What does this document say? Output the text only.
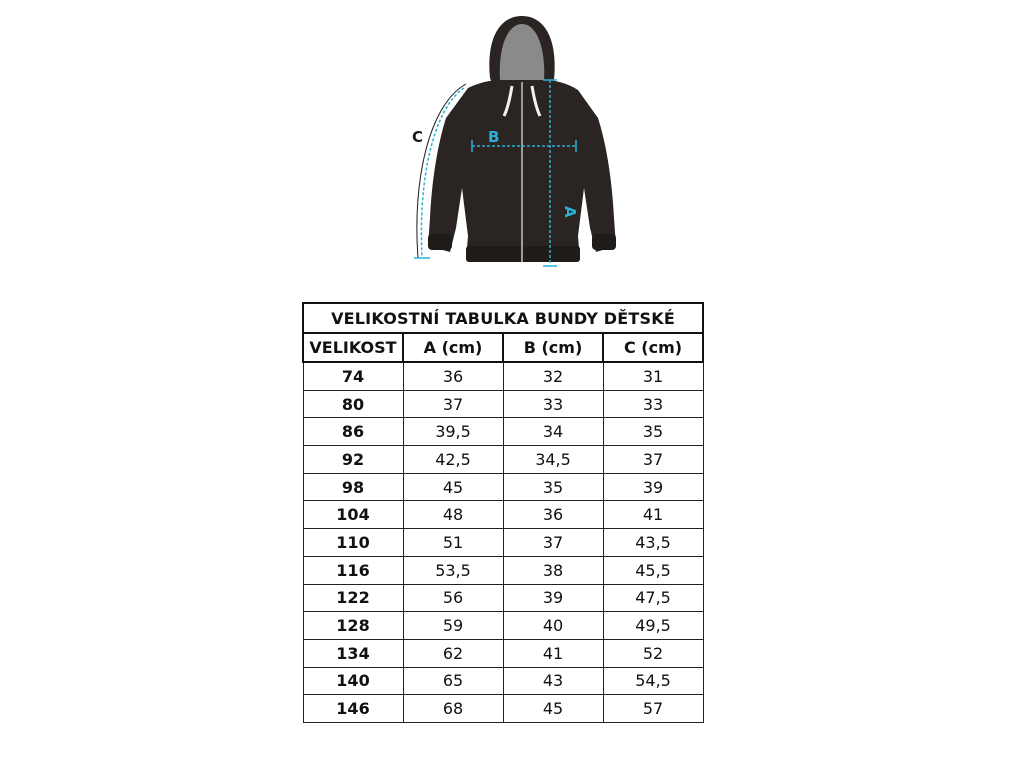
A
B
C
VELIKOSTNÍ TABULKA BUNDY DĚTSKÉ			
VELIKOST	A (cm)	B (cm)	C (cm)
74	36	32	31
80	37	33	33
86	39,5	34	35
92	42,5	34,5	37
98	45	35	39
104	48	36	41
110	51	37	43,5
116	53,5	38	45,5
122	56	39	47,5
128	59	40	49,5
134	62	41	52
140	65	43	54,5
146	68	45	57
